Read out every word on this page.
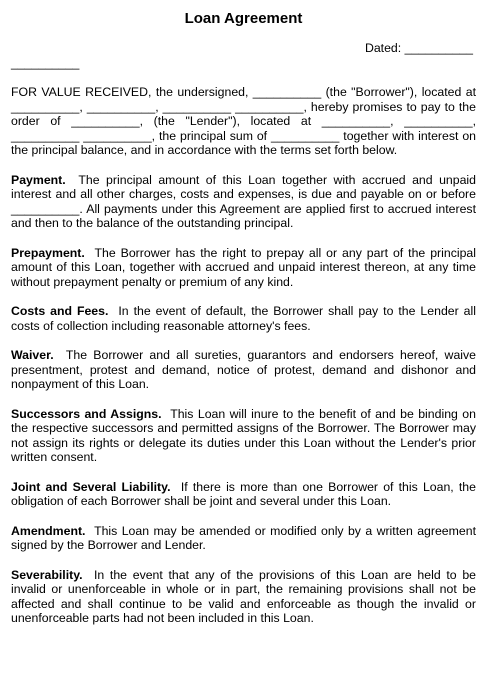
Loan Agreement
Dated: __________
__________

FOR VALUE RECEIVED, the undersigned, __________ (the "Borrower"), located at __________, __________, __________ __________, hereby promises to pay to the order of __________, (the "Lender"), located at __________, __________, __________ __________, the principal sum of __________ together with interest on the principal balance, and in accordance with the terms set forth below.

Payment. The principal amount of this Loan together with accrued and unpaid interest and all other charges, costs and expenses, is due and payable on or before __________. All payments under this Agreement are applied first to accrued interest and then to the balance of the outstanding principal.

Prepayment. The Borrower has the right to prepay all or any part of the principal amount of this Loan, together with accrued and unpaid interest thereon, at any time without prepayment penalty or premium of any kind.

Costs and Fees. In the event of default, the Borrower shall pay to the Lender all costs of collection including reasonable attorney's fees.

Waiver. The Borrower and all sureties, guarantors and endorsers hereof, waive presentment, protest and demand, notice of protest, demand and dishonor and nonpayment of this Loan.

Successors and Assigns. This Loan will inure to the benefit of and be binding on the respective successors and permitted assigns of the Borrower. The Borrower may not assign its rights or delegate its duties under this Loan without the Lender's prior written consent.

Joint and Several Liability. If there is more than one Borrower of this Loan, the obligation of each Borrower shall be joint and several under this Loan.

Amendment. This Loan may be amended or modified only by a written agreement signed by the Borrower and Lender.

Severability. In the event that any of the provisions of this Loan are held to be invalid or unenforceable in whole or in part, the remaining provisions shall not be affected and shall continue to be valid and enforceable as though the invalid or unenforceable parts had not been included in this Loan.
